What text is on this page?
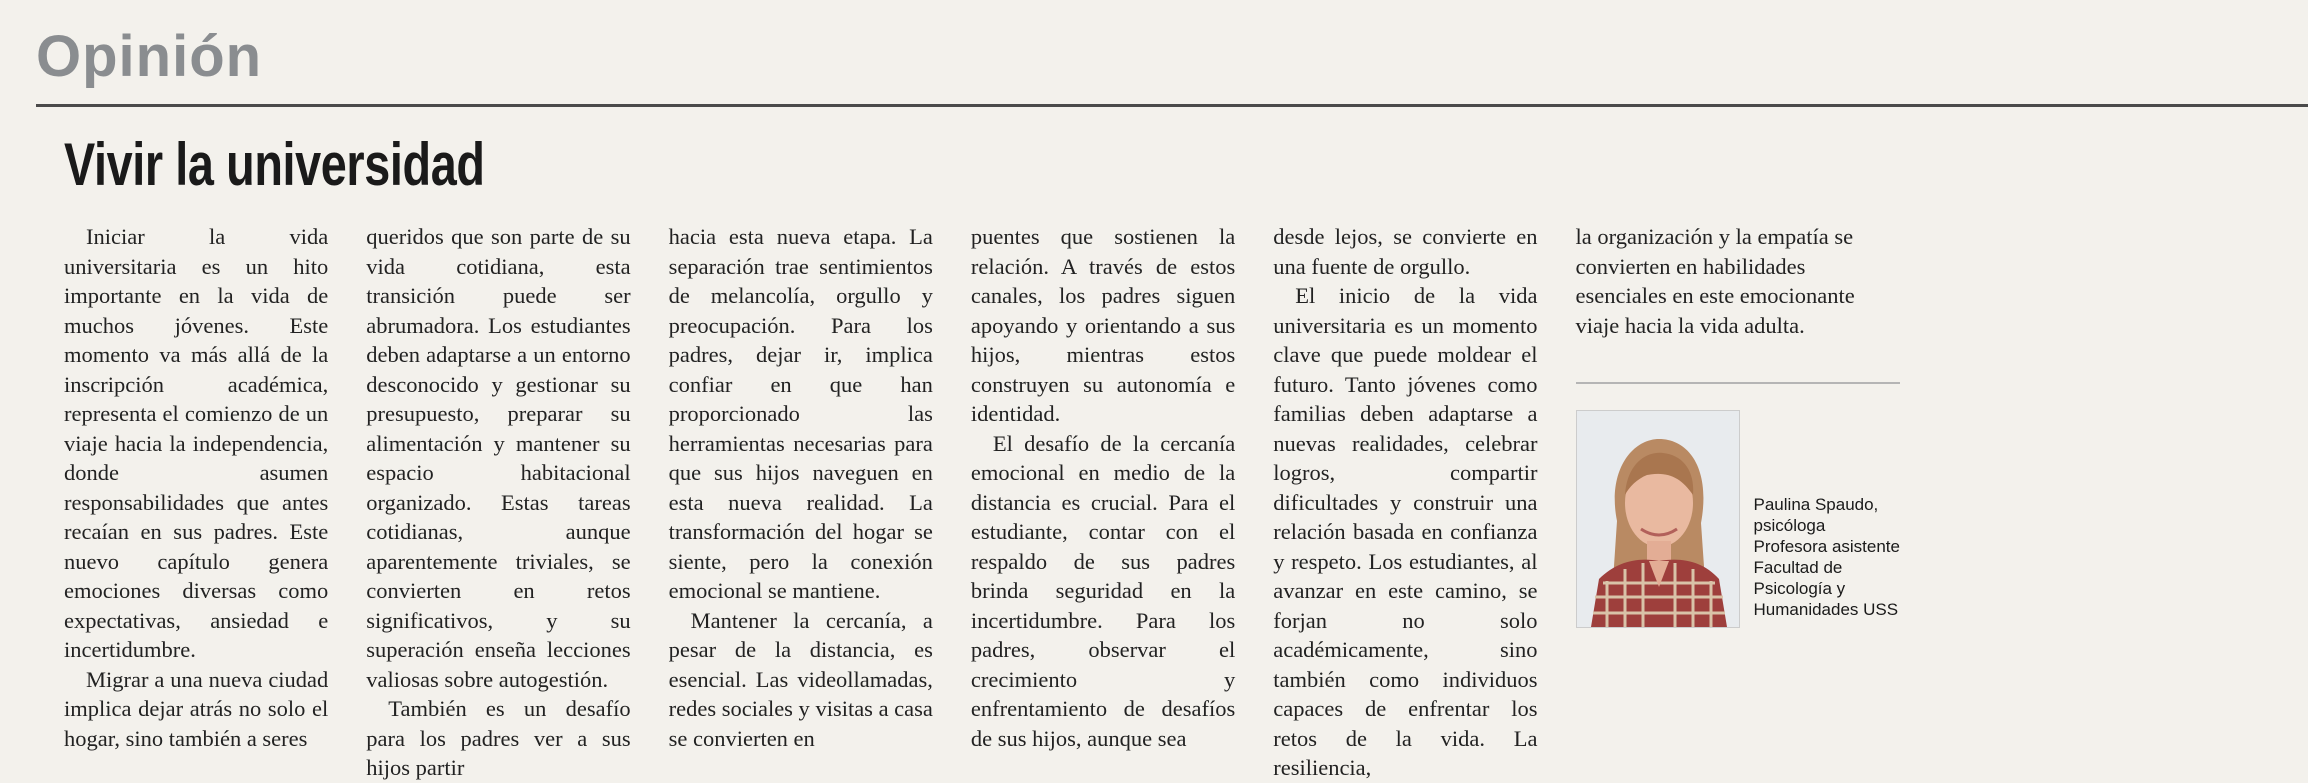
Opinión
Vivir la universidad

Iniciar la vida universitaria es un hito importante en la vida de muchos jóvenes. Este momento va más allá de la inscripción académica, representa el comienzo de un viaje hacia la independencia, donde asumen responsabilidades que antes recaían en sus padres. Este nuevo capítulo genera emociones diversas como expectativas, ansiedad e incertidumbre.

Migrar a una nueva ciudad implica dejar atrás no solo el hogar, sino también a seres

queridos que son parte de su vida cotidiana, esta transición puede ser abrumadora. Los estudiantes deben adaptarse a un entorno desconocido y gestionar su presupuesto, preparar su alimentación y mantener su espacio habitacional organizado. Estas tareas cotidianas, aunque aparentemente triviales, se convierten en retos significativos, y su superación enseña lecciones valiosas sobre autogestión.

También es un desafío para los padres ver a sus hijos partir

hacia esta nueva etapa. La separación trae sentimientos de melancolía, orgullo y preocupación. Para los padres, dejar ir, implica confiar en que han proporcionado las herramientas necesarias para que sus hijos naveguen en esta nueva realidad. La transformación del hogar se siente, pero la conexión emocional se mantiene.

Mantener la cercanía, a pesar de la distancia, es esencial. Las videollamadas, redes sociales y visitas a casa se convierten en

puentes que sostienen la relación. A través de estos canales, los padres siguen apoyando y orientando a sus hijos, mientras estos construyen su autonomía e identidad.

El desafío de la cercanía emocional en medio de la distancia es crucial. Para el estudiante, contar con el respaldo de sus padres brinda seguridad en la incertidumbre. Para los padres, observar el crecimiento y enfrentamiento de desafíos de sus hijos, aunque sea

desde lejos, se convierte en una fuente de orgullo.

El inicio de la vida universitaria es un momento clave que puede moldear el futuro. Tanto jóvenes como familias deben adaptarse a nuevas realidades, celebrar logros, compartir dificultades y construir una relación basada en confianza y respeto. Los estudiantes, al avanzar en este camino, se forjan no solo académicamente, sino también como individuos capaces de enfrentar los retos de la vida. La resiliencia,

la organización y la empatía se convierten en habilidades esenciales en este emocionante viaje hacia la vida adulta.

Paulina Spaudo,
psicóloga
Profesora asistente
Facultad de
Psicología y
Humanidades USS
